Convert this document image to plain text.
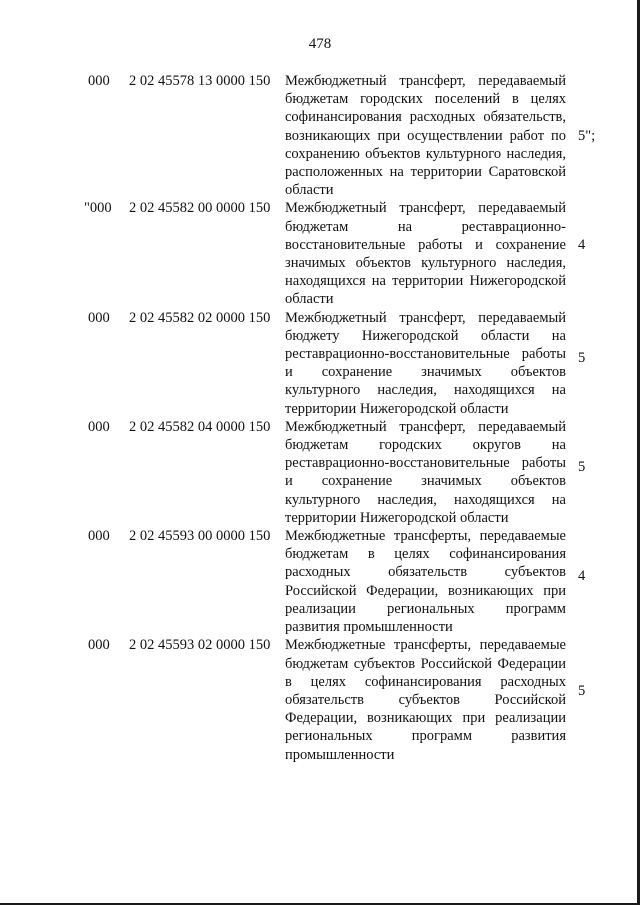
478
000 2 02 45578 13 0000 150 Межбюджетный трансферт, передаваемый бюджетам городских поселений в целях софинансирования расходных обязательств, возникающих при осуществлении работ по сохранению объектов культурного наследия, расположенных на территории Саратовской области
5";
"000 2 02 45582 00 0000 150 Межбюджетный трансферт, передаваемый бюджетам на реставрационно-восстановительные работы и сохранение значимых объектов культурного наследия, находящихся на территории Нижегородской области
4
000 2 02 45582 02 0000 150 Межбюджетный трансферт, передаваемый бюджету Нижегородской области на реставрационно-восстановительные работы и сохранение значимых объектов культурного наследия, находящихся на территории Нижегородской области
5
000 2 02 45582 04 0000 150 Межбюджетный трансферт, передаваемый бюджетам городских округов на реставрационно-восстановительные работы и сохранение значимых объектов культурного наследия, находящихся на территории Нижегородской области
5
000 2 02 45593 00 0000 150 Межбюджетные трансферты, передаваемые бюджетам в целях софинансирования расходных обязательств субъектов Российской Федерации, возникающих при реализации региональных программ развития промышленности
4
000 2 02 45593 02 0000 150 Межбюджетные трансферты, передаваемые бюджетам субъектов Российской Федерации в целях софинансирования расходных обязательств субъектов Российской Федерации, возникающих при реализации региональных программ развития промышленности
5
